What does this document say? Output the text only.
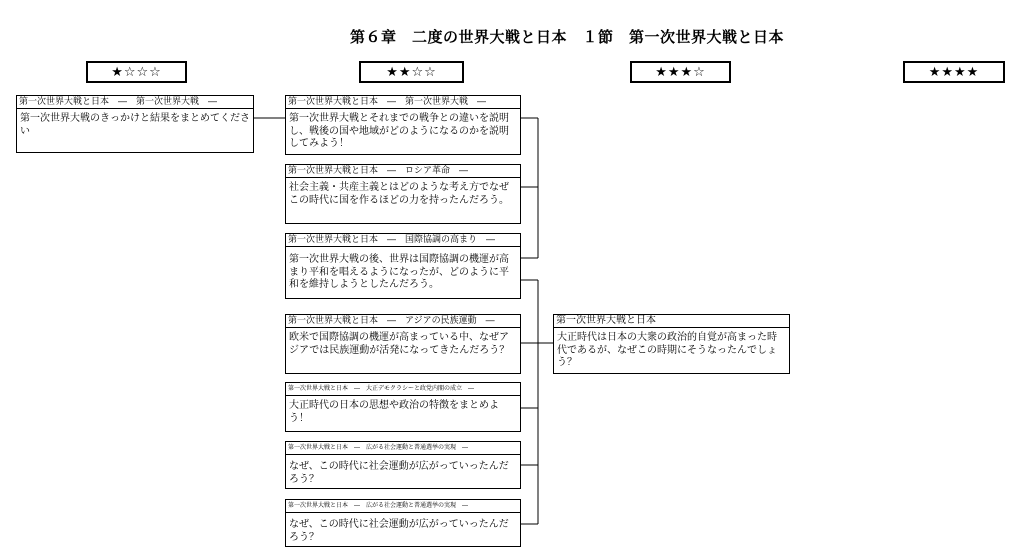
第６章　二度の世界大戦と日本　１節　第一次世界大戦と日本
★☆☆☆	★★☆☆	★★★☆	★★★★
第一次世界大戦と日本　―　第一次世界大戦　―
第一次世界大戦のきっかけと結果をまとめてください
第一次世界大戦と日本　―　第一次世界大戦　―
第一次世界大戦とそれまでの戦争との違いを説明し、戦後の国や地域がどのようになるのかを説明してみよう！
第一次世界大戦と日本　―　ロシア革命　―
社会主義・共産主義とはどのような考え方でなぜこの時代に国を作るほどの力を持ったんだろう。
第一次世界大戦と日本　―　国際協調の高まり　―
第一次世界大戦の後、世界は国際協調の機運が高まり平和を唱えるようになったが、どのように平和を維持しようとしたんだろう。
第一次世界大戦と日本　―　アジアの民族運動　―
欧米で国際協調の機運が高まっている中、なぜアジアでは民族運動が活発になってきたんだろう？
第一次世界大戦と日本　―　大正デモクラシーと政党内閣の成立　―
大正時代の日本の思想や政治の特徴をまとめよう！
第一次世界大戦と日本　―　広がる社会運動と普通選挙の実現　―
なぜ、この時代に社会運動が広がっていったんだろう？
第一次世界大戦と日本　―　広がる社会運動と普通選挙の実現　―
なぜ、この時代に社会運動が広がっていったんだろう？
第一次世界大戦と日本
大正時代は日本の大衆の政治的自覚が高まった時代であるが、なぜこの時期にそうなったんでしょう？
